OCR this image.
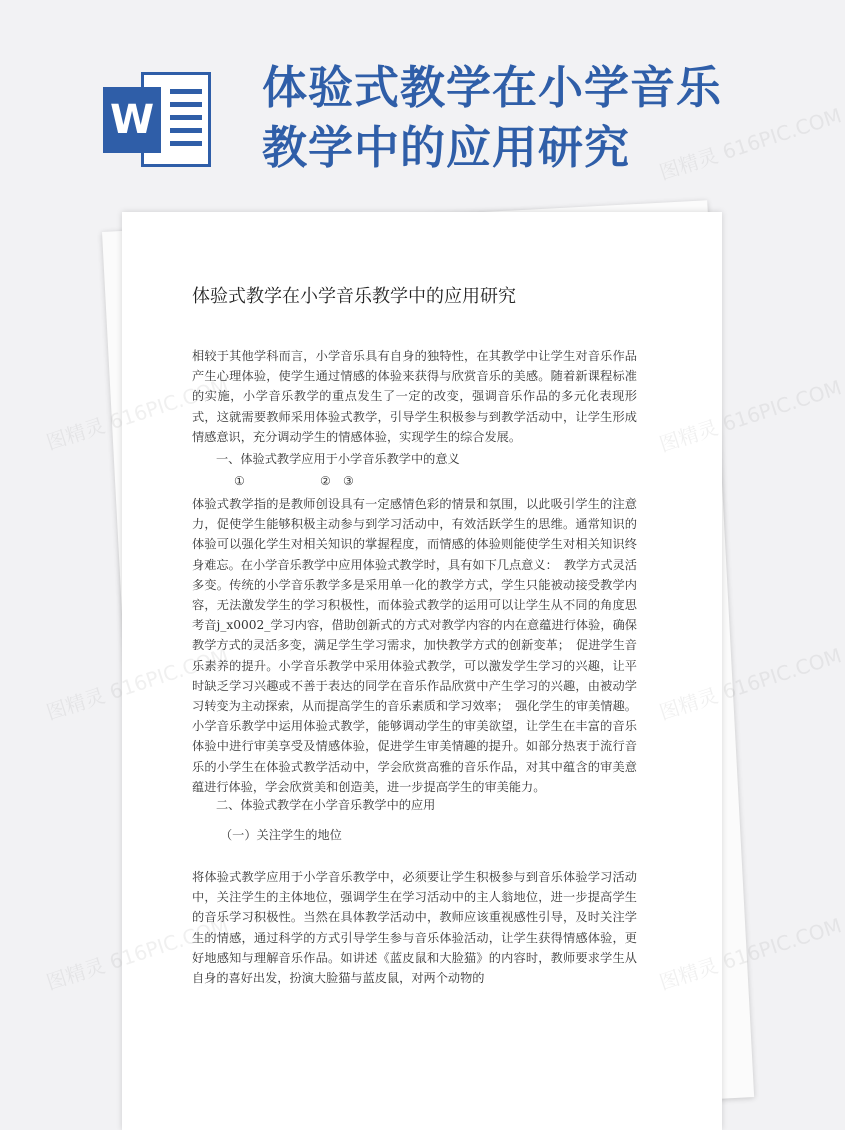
W
体验式教学在小学音乐
教学中的应用研究
体验式教学在小学音乐教学中的应用研究

相较于其他学科而言，小学音乐具有自身的独特性，在其教学中让学生对音乐作品产生心理体验，使学生通过情感的体验来获得与欣赏音乐的美感。随着新课程标准的实施，小学音乐教学的重点发生了一定的改变，强调音乐作品的多元化表现形式，这就需要教师采用体验式教学，引导学生积极参与到教学活动中，让学生形成情感意识，充分调动学生的情感体验，实现学生的综合发展。

一、体验式教学应用于小学音乐教学中的意义

①	② ③

体验式教学指的是教师创设具有一定感情色彩的情景和氛围，以此吸引学生的注意力，促使学生能够积极主动参与到学习活动中，有效活跃学生的思维。通常知识的体验可以强化学生对相关知识的掌握程度，而情感的体验则能使学生对相关知识终身难忘。在小学音乐教学中应用体验式教学时，具有如下几点意义：　教学方式灵活多变。传统的小学音乐教学多是采用单一化的教学方式，学生只能被动接受教学内容，无法激发学生的学习积极性，而体验式教学的运用可以让学生从不同的角度思考音j_x0002_学习内容，借助创新式的方式对教学内容的内在意蕴进行体验，确保教学方式的灵活多变，满足学生学习需求，加快教学方式的创新变革；　促进学生音乐素养的提升。小学音乐教学中采用体验式教学，可以激发学生学习的兴趣，让平时缺乏学习兴趣或不善于表达的同学在音乐作品欣赏中产生学习的兴趣，由被动学习转变为主动探索，从而提高学生的音乐素质和学习效率；　强化学生的审美情趣。小学音乐教学中运用体验式教学，能够调动学生的审美欲望，让学生在丰富的音乐体验中进行审美享受及情感体验，促进学生审美情趣的提升。如部分热衷于流行音乐的小学生在体验式教学活动中，学会欣赏高雅的音乐作品，对其中蕴含的审美意蕴进行体验，学会欣赏美和创造美，进一步提高学生的审美能力。

二、体验式教学在小学音乐教学中的应用

（一）关注学生的地位

将体验式教学应用于小学音乐教学中，必须要让学生积极参与到音乐体验学习活动中，关注学生的主体地位，强调学生在学习活动中的主人翁地位，进一步提高学生的音乐学习积极性。当然在具体教学活动中，教师应该重视感性引导，及时关注学生的情感，通过科学的方式引导学生参与音乐体验活动，让学生获得情感体验，更好地感知与理解音乐作品。如讲述《蓝皮鼠和大脸猫》的内容时，教师要求学生从自身的喜好出发，扮演大脸猫与蓝皮鼠，对两个动物的

图精灵 616PIC.COM
图精灵	图精灵 616PIC.COM
图精灵	图精灵 616PIC.COM
图精灵	图精灵 616PIC.COM
